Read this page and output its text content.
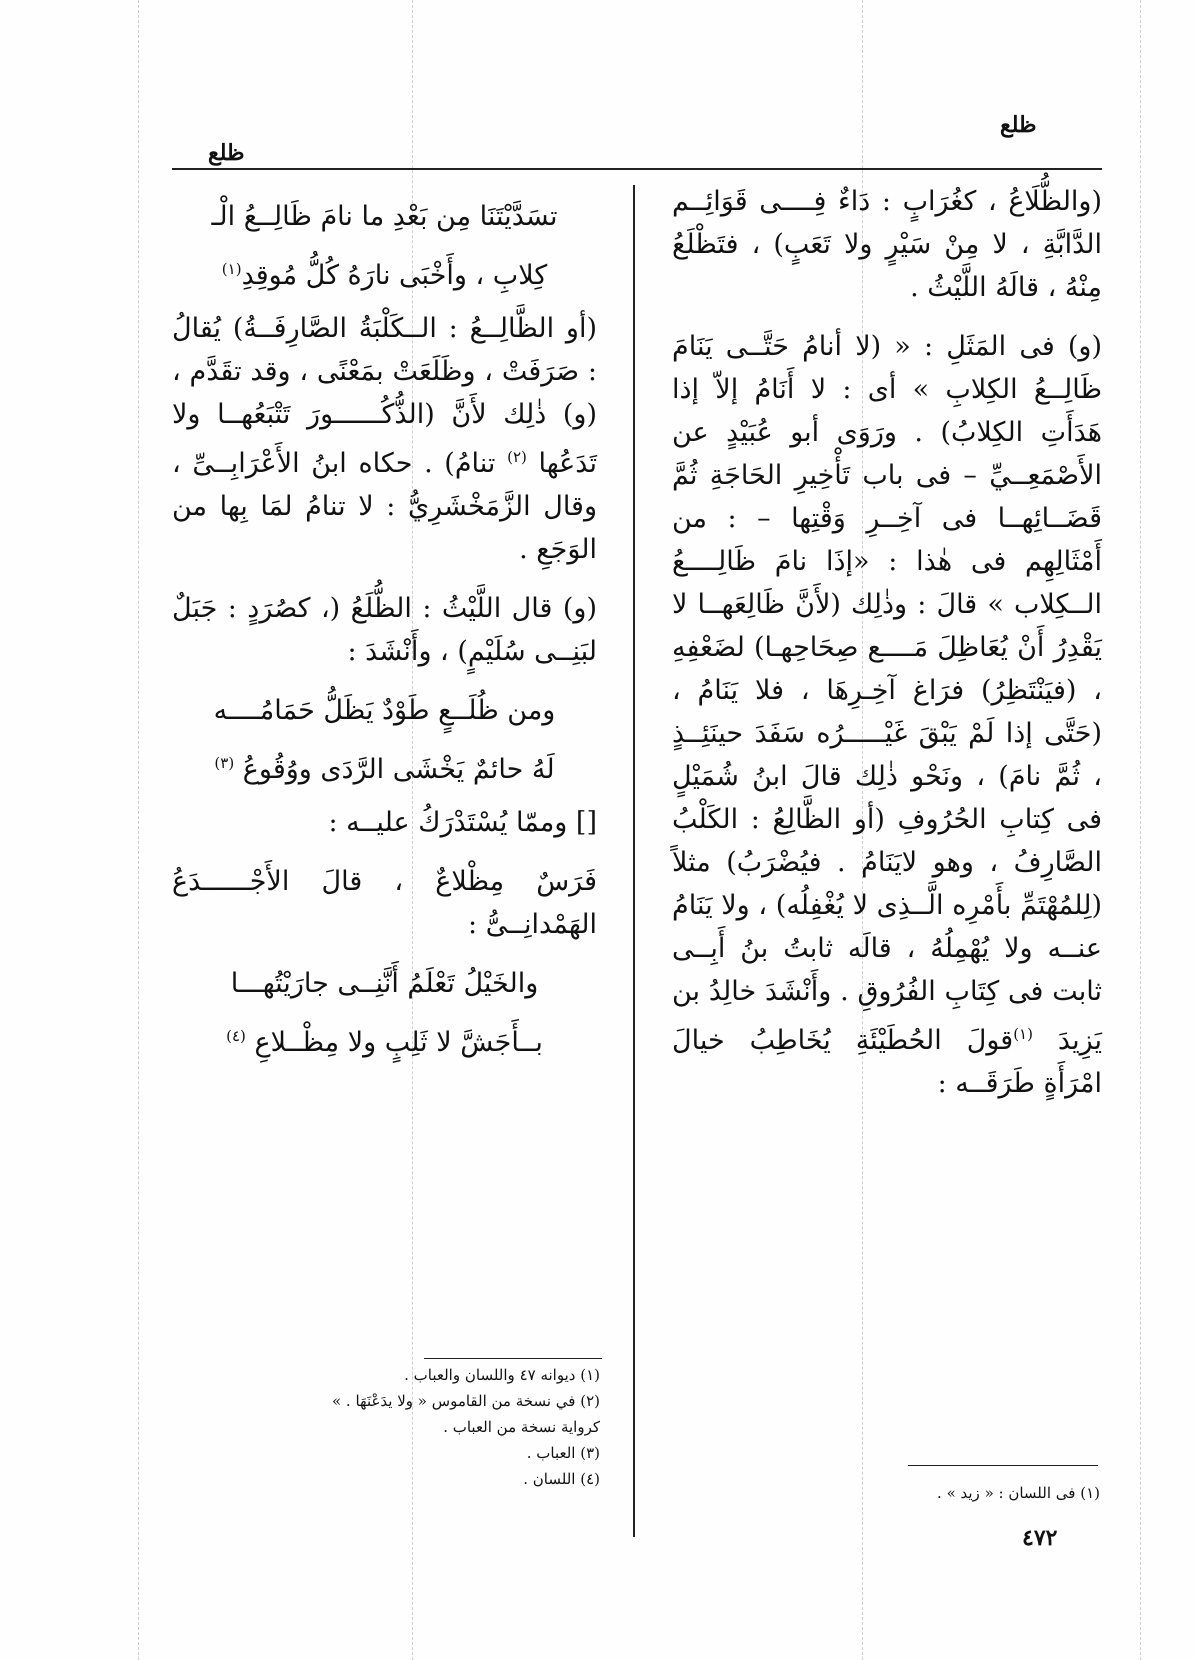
ظلع
ظلع

(والظُّلَاعُ ، كغُرَابٍ : دَاءٌ فِــــى قَوَائِــم الدَّابَّةِ ، لا مِنْ سَيْرٍ ولا تَعَبٍ) ، فتَظْلَعُ مِنْهُ ، قالَهُ اللَّيْثُ .

(و) فى المَثَلِ : « (لا أنامُ حَتَّــى يَنَامَ ظَالِــعُ الكِلابِ » أى : لا أَنَامُ إلاّ إذا هَدَأَتِ الكِلابُ) . ورَوَى أبو عُبَيْدٍ عن الأَصْمَعِــيِّ – فى باب تَأْخِيرِ الحَاجَةِ ثُمَّ قَضَــائِهــا فى آخِــرِ وَقْتِها – : من أَمْثَالِهِم فى هٰذا : «إذَا نامَ ظَالِــــعُ الــكِلاب » قالَ : وذٰلِك (لأَنَّ ظَالِعَهــا لا يَقْدِرُ أَنْ يُعَاظِلَ مَــــع صِحَاحِهـا) لضَعْفِهِ ، (فيَنْتَظِرُ) فرَاغ آخِـرِهَا ، فلا يَنَامُ ، (حَتَّى إذا لَمْ يَبْقَ غَيْـــــرُه سَفَدَ حينَئِــذٍ ، ثُمَّ نامَ) ، ونَحْو ذٰلِك قالَ ابنُ شُمَيْلٍ فى كِتابِ الحُرُوفِ (أو الظَّالِعُ : الكَلْبُ الصَّارِفُ ، وهو لايَنَامُ . فيُضْرَبُ) مثلاً (لِلمُهْتَمِّ بأَمْرِه الَّــذِى لا يُغْفِلُه) ، ولا يَنَامُ عنــه ولا يُهْمِلُهُ ، قالَه ثابتُ بنُ أَبِــى ثابت فى كِتَابِ الفُرُوقِ . وأَنْشَدَ خالِدُ بن يَزِيدَ $^{(١)}$قولَ الحُطَيْئَةِ يُخَاطِبُ خيالَ امْرَأَةٍ طَرَقَــه :

تسَدَّيْتَنَا مِن بَعْدِ ما نامَ ظَالِــعُ الْـ
كِلابِ ، وأَخْبَى نارَهُ كُلُّ مُوقِدِ$^{(١)}$

(أو الظَّالِــعُ : الــكَلْبَةُ الصَّارِفَــةُ) يُقالُ : صَرَفَتْ ، وظَلَعَتْ بمَعْنًى ، وقد تقَدَّم ، (و) ذٰلِك لأَنَّ (الذُّكُــــــورَ تَتْبَعُهــا ولا تَدَعُها $^{(٢)}$ تنامُ) . حكاه ابنُ الأَعْرَابِــىِّ ، وقال الزَّمَخْشَرِيُّ : لا تنامُ لمَا بِها من الوَجَعِ .

(و) قال اللَّيْثُ : الظُّلَعُ (، كصُرَدٍ : جَبَلٌ لبَنِــى سُلَيْمٍ) ، وأَنْشَدَ :

ومن ظُلَــعٍ طَوْدٌ يَظَلُّ حَمَامُــــه
لَهُ حائمٌ يَخْشَى الرَّدَى ووُقُوعُ $^{(٣)}$

[] وممّا يُسْتَدْرَكُ عليــه :

فَرَسٌ مِظْلاعٌ ، قالَ الأَجْــــــدَعُ الهَمْدانِــىُّ :

والخَيْلُ تَعْلَمُ أَنَّنِــى جارَيْتُهـــا
بــأَجَشَّ لا ثَلِبٍ ولا مِظْــلاعِ $^{(٤)}$
(١) ديوانه ٤٧ واللسان والعباب .
(٢) في نسخة من القاموس « ولا يدَعْنَهَا . » كرواية نسخة من العباب .
(٣) العباب .
(٤) اللسان .
(١) فى اللسان : « زيد » .
٤٧٢
